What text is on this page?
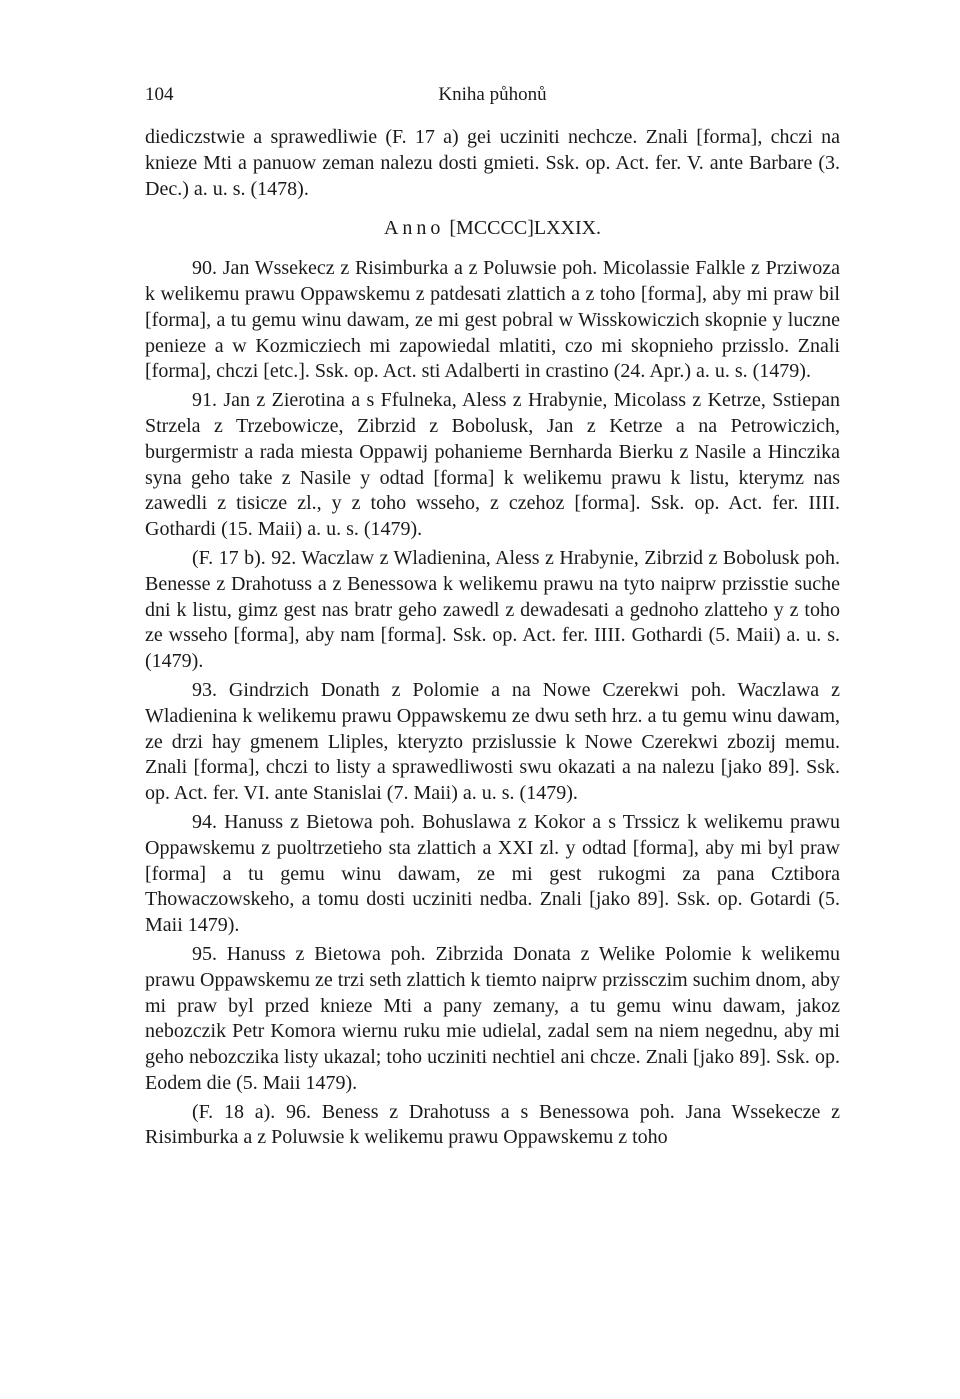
104	Kniha půhonů

diediczstwie a sprawedliwie (F. 17 a) gei ucziniti nechcze. Znali [forma], chczi na knieze Mti a panuow zeman nalezu dosti gmieti. Ssk. op. Act. fer. V. ante Barbare (3. Dec.) a. u. s. (1478).

Anno [MCCCC]LXXIX.

90. Jan Wssekecz z Risimburka a z Poluwsie poh. Micolassie Falkle z Prziwoza k welikemu prawu Oppawskemu z patdesati zlattich a z toho [forma], aby mi praw bil [forma], a tu gemu winu dawam, ze mi gest pobral w Wisskowiczich skopnie y luczne penieze a w Kozmicziech mi zapowiedal mlatiti, czo mi skopnieho przisslo. Znali [forma], chczi [etc.]. Ssk. op. Act. sti Adalberti in crastino (24. Apr.) a. u. s. (1479).

91. Jan z Zierotina a s Ffulneka, Aless z Hrabynie, Micolass z Ketrze, Sstiepan Strzela z Trzebowicze, Zibrzid z Bobolusk, Jan z Ketrze a na Petrowiczich, burgermistr a rada miesta Oppawij pohanieme Bernharda Bierku z Nasile a Hinczika syna geho take z Nasile y odtad [forma] k welikemu prawu k listu, kterymz nas zawedli z tisicze zl., y z toho wsseho, z czehoz [forma]. Ssk. op. Act. fer. IIII. Gothardi (15. Maii) a. u. s. (1479).

(F. 17 b). 92. Waczlaw z Wladienina, Aless z Hrabynie, Zibrzid z Bobolusk poh. Benesse z Drahotuss a z Benessowa k welikemu prawu na tyto naiprw przisstie suche dni k listu, gimz gest nas bratr geho zawedl z dewadesati a gednoho zlatteho y z toho ze wsseho [forma], aby nam [forma]. Ssk. op. Act. fer. IIII. Gothardi (5. Maii) a. u. s. (1479).

93. Gindrzich Donath z Polomie a na Nowe Czerekwi poh. Waczlawa z Wladienina k welikemu prawu Oppawskemu ze dwu seth hrz. a tu gemu winu dawam, ze drzi hay gmenem Lliples, kteryzto przislussie k Nowe Czerekwi zbozij memu. Znali [forma], chczi to listy a sprawedliwosti swu okazati a na nalezu [jako 89]. Ssk. op. Act. fer. VI. ante Stanislai (7. Maii) a. u. s. (1479).

94. Hanuss z Bietowa poh. Bohuslawa z Kokor a s Trssicz k welikemu prawu Oppawskemu z puoltrzetieho sta zlattich a XXI zl. y odtad [forma], aby mi byl praw [forma] a tu gemu winu dawam, ze mi gest rukogmi za pana Cztibora Thowaczowskeho, a tomu dosti ucziniti nedba. Znali [jako 89]. Ssk. op. Gotardi (5. Maii 1479).

95. Hanuss z Bietowa poh. Zibrzida Donata z Welike Polomie k welikemu prawu Oppawskemu ze trzi seth zlattich k tiemto naiprw przissczim suchim dnom, aby mi praw byl przed knieze Mti a pany zemany, a tu gemu winu dawam, jakoz nebozczik Petr Komora wiernu ruku mie udielal, zadal sem na niem negednu, aby mi geho nebozczika listy ukazal; toho ucziniti nechtiel ani chcze. Znali [jako 89]. Ssk. op. Eodem die (5. Maii 1479).

(F. 18 a). 96. Beness z Drahotuss a s Benessowa poh. Jana Wssekecze z Risimburka a z Poluwsie k welikemu prawu Oppawskemu z toho
